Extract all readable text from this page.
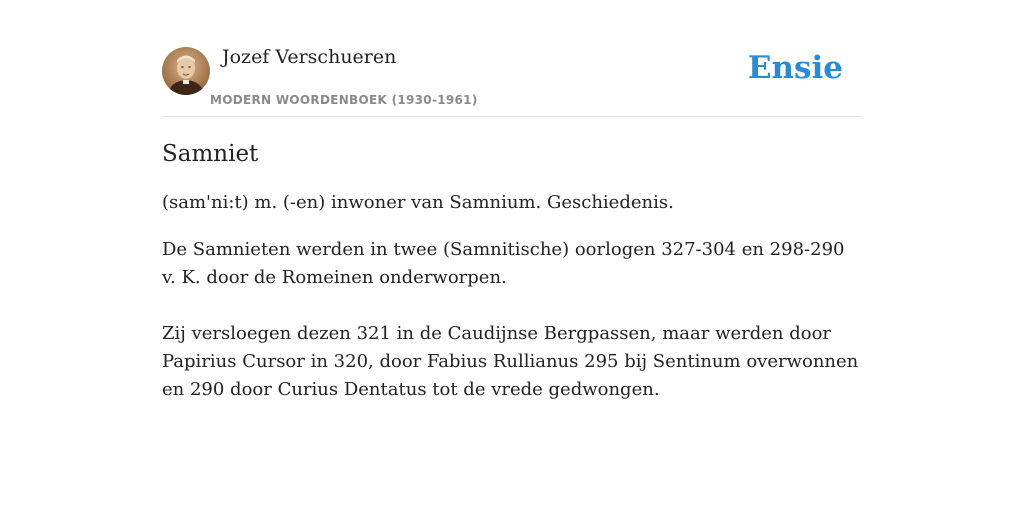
Jozef Verschueren
MODERN WOORDENBOEK (1930-1961)
Ensie
Samniet

(sam'ni:t) m. (-en) inwoner van Samnium. Geschiedenis.

De Samnieten werden in twee (Samnitische) oorlogen 327-304 en 298-290 v. K. door de Romeinen onderworpen.

Zij versloegen dezen 321 in de Caudijnse Bergpassen, maar werden door Papirius Cursor in 320, door Fabius Rullianus 295 bij Sentinum overwonnen en 290 door Curius Dentatus tot de vrede gedwongen.
